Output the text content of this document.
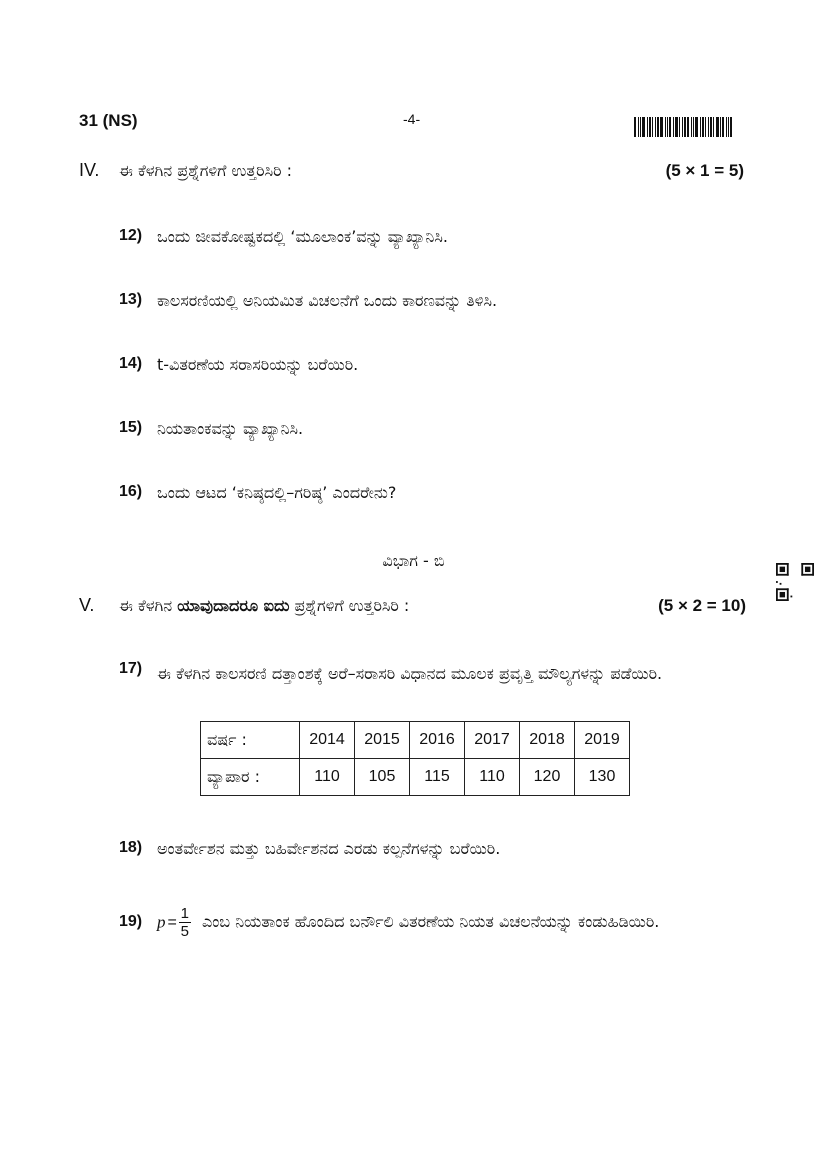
31 (NS)	-4-
IV. ಈ ಕೆಳಗಿನ ಪ್ರಶ್ನೆಗಳಿಗೆ ಉತ್ತರಿಸಿರಿ :	(5 × 1 = 5)
12) ಒಂದು ಜೀವಕೋಷ್ಟಕದಲ್ಲಿ ‘ಮೂಲಾಂಕ’ವನ್ನು ವ್ಯಾಖ್ಯಾನಿಸಿ.
13) ಕಾಲಸರಣಿಯಲ್ಲಿ ಅನಿಯಮಿತ ವಿಚಲನೆಗೆ ಒಂದು ಕಾರಣವನ್ನು ತಿಳಿಸಿ.
14) t-ವಿತರಣೆಯ ಸರಾಸರಿಯನ್ನು ಬರೆಯಿರಿ.
15) ನಿಯತಾಂಕವನ್ನು ವ್ಯಾಖ್ಯಾನಿಸಿ.
16) ಒಂದು ಆಟದ ‘ಕನಿಷ್ಠದಲ್ಲಿ–ಗರಿಷ್ಠ’ ಎಂದರೇನು?
ವಿಭಾಗ - ಬಿ
V. ಈ ಕೆಳಗಿನ ಯಾವುದಾದರೂ ಐದು ಪ್ರಶ್ನೆಗಳಿಗೆ ಉತ್ತರಿಸಿರಿ :	(5 × 2 = 10)
17) ಈ ಕೆಳಗಿನ ಕಾಲಸರಣಿ ದತ್ತಾಂಶಕ್ಕೆ ಅರೆ–ಸರಾಸರಿ ವಿಧಾನದ ಮೂಲಕ ಪ್ರವೃತ್ತಿ ಮೌಲ್ಯಗಳನ್ನು ಪಡೆಯಿರಿ.
ವರ್ಷ :	2014	2015	2016	2017	2018	2019
ವ್ಯಾಪಾರ :	110	105	115	110	120	130
18) ಅಂತರ್ವೇಶನ ಮತ್ತು ಬಹಿರ್ವೇಶನದ ಎರಡು ಕಲ್ಪನೆಗಳನ್ನು ಬರೆಯಿರಿ.
19) $p = \frac{1}{5}$ ಎಂಬ ನಿಯತಾಂಕ ಹೊಂದಿದ ಬರ್ನೌಲಿ ವಿತರಣೆಯ ನಿಯತ ವಿಚಲನೆಯನ್ನು ಕಂಡುಹಿಡಿಯಿರಿ.
